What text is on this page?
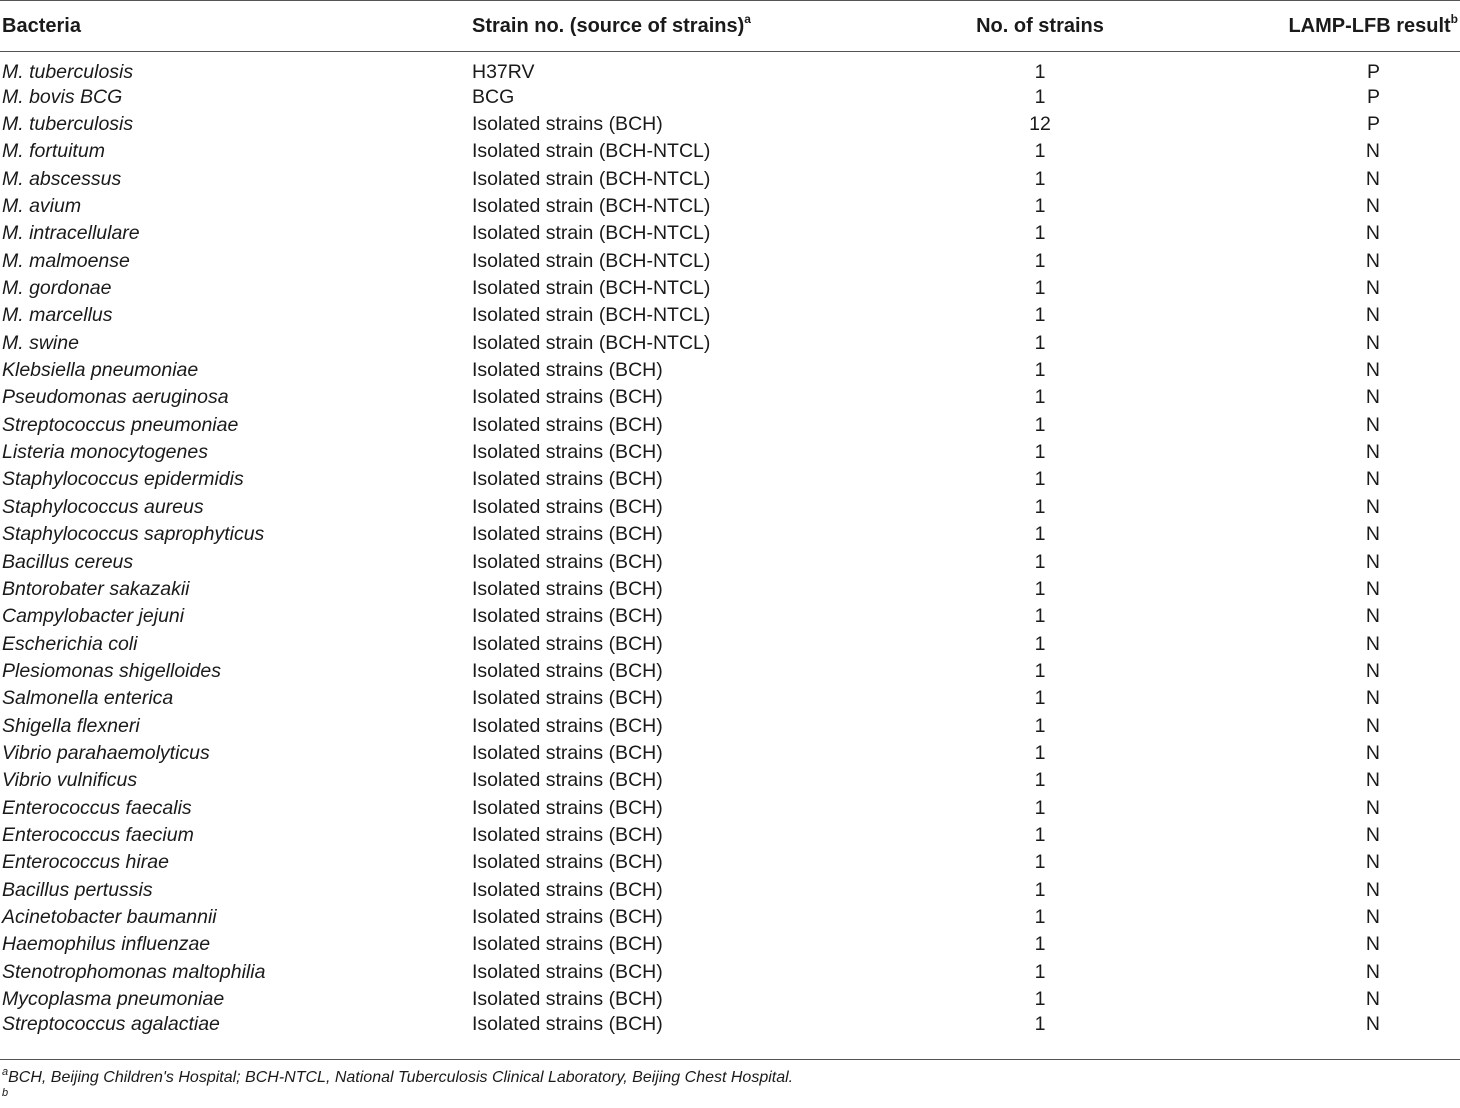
Bacteria	Strain no. (source of strains)$^a$	No. of strains	LAMP-LFB result$^b$
M. tuberculosis	H37RV	1	P
M. bovis BCG	BCG	1	P
M. tuberculosis	Isolated strains (BCH)	12	P
M. fortuitum	Isolated strain (BCH-NTCL)	1	N
M. abscessus	Isolated strain (BCH-NTCL)	1	N
M. avium	Isolated strain (BCH-NTCL)	1	N
M. intracellulare	Isolated strain (BCH-NTCL)	1	N
M. malmoense	Isolated strain (BCH-NTCL)	1	N
M. gordonae	Isolated strain (BCH-NTCL)	1	N
M. marcellus	Isolated strain (BCH-NTCL)	1	N
M. swine	Isolated strain (BCH-NTCL)	1	N
Klebsiella pneumoniae	Isolated strains (BCH)	1	N
Pseudomonas aeruginosa	Isolated strains (BCH)	1	N
Streptococcus pneumoniae	Isolated strains (BCH)	1	N
Listeria monocytogenes	Isolated strains (BCH)	1	N
Staphylococcus epidermidis	Isolated strains (BCH)	1	N
Staphylococcus aureus	Isolated strains (BCH)	1	N
Staphylococcus saprophyticus	Isolated strains (BCH)	1	N
Bacillus cereus	Isolated strains (BCH)	1	N
Bntorobater sakazakii	Isolated strains (BCH)	1	N
Campylobacter jejuni	Isolated strains (BCH)	1	N
Escherichia coli	Isolated strains (BCH)	1	N
Plesiomonas shigelloides	Isolated strains (BCH)	1	N
Salmonella enterica	Isolated strains (BCH)	1	N
Shigella flexneri	Isolated strains (BCH)	1	N
Vibrio parahaemolyticus	Isolated strains (BCH)	1	N
Vibrio vulnificus	Isolated strains (BCH)	1	N
Enterococcus faecalis	Isolated strains (BCH)	1	N
Enterococcus faecium	Isolated strains (BCH)	1	N
Enterococcus hirae	Isolated strains (BCH)	1	N
Bacillus pertussis	Isolated strains (BCH)	1	N
Acinetobacter baumannii	Isolated strains (BCH)	1	N
Haemophilus influenzae	Isolated strains (BCH)	1	N
Stenotrophomonas maltophilia	Isolated strains (BCH)	1	N
Mycoplasma pneumoniae	Isolated strains (BCH)	1	N
Streptococcus agalactiae	Isolated strains (BCH)	1	N
$^a$BCH, Beijing Children's Hospital; BCH-NTCL, National Tuberculosis Clinical Laboratory, Beijing Chest Hospital.
$^b$
